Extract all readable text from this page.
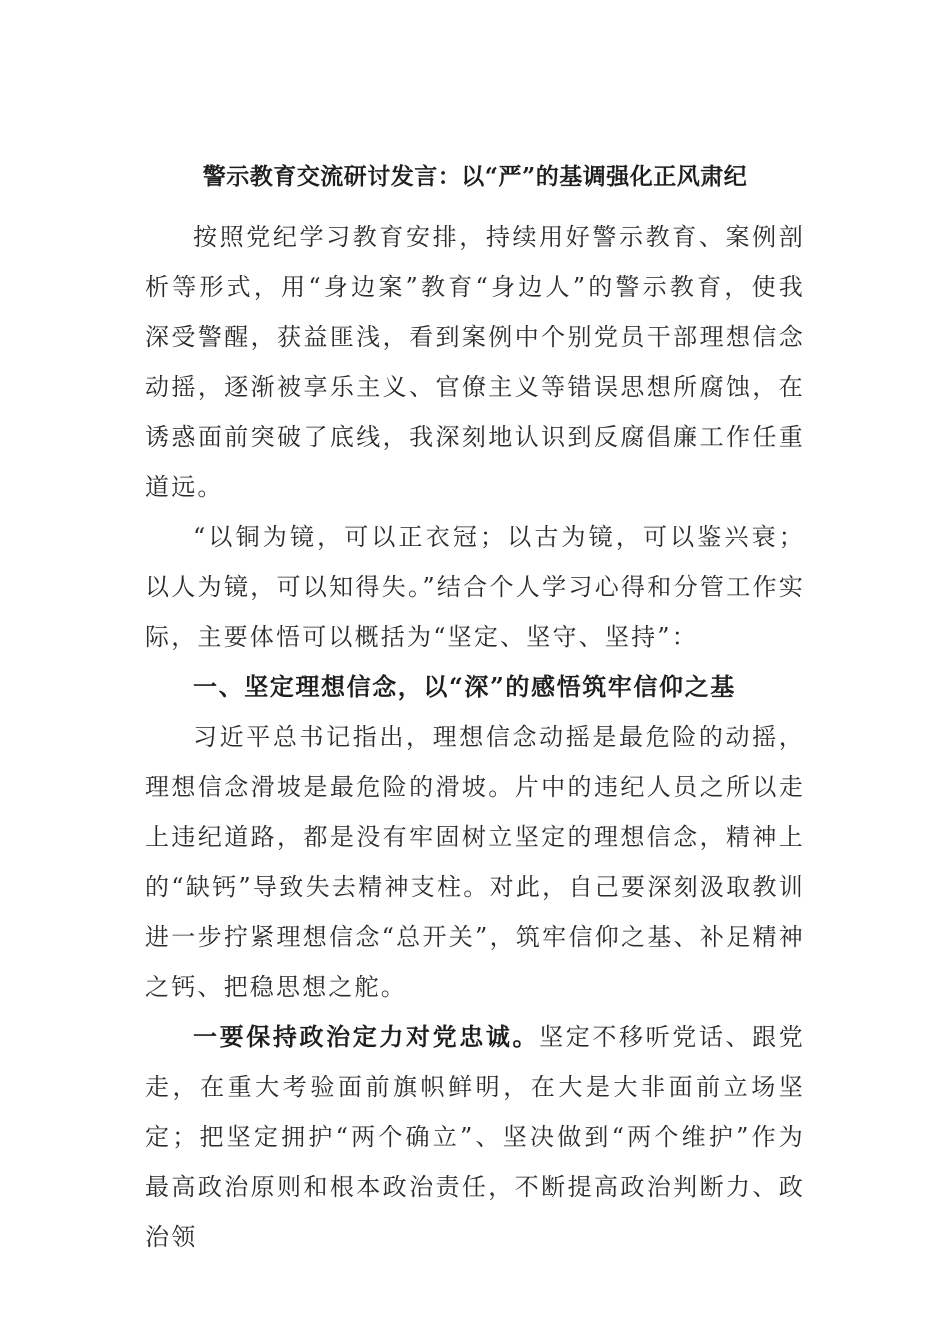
警示教育交流研讨发言：以“严”的基调强化正风肃纪

按照党纪学习教育安排，持续用好警示教育、案例剖析等形式，用“身边案”教育“身边人”的警示教育，使我深受警醒，获益匪浅，看到案例中个别党员干部理想信念动摇，逐渐被享乐主义、官僚主义等错误思想所腐蚀，在诱惑面前突破了底线，我深刻地认识到反腐倡廉工作任重道远。

“以铜为镜，可以正衣冠；以古为镜，可以鉴兴衰；以人为镜，可以知得失。”结合个人学习心得和分管工作实际，主要体悟可以概括为“坚定、坚守、坚持”：

一、坚定理想信念，以“深”的感悟筑牢信仰之基

习近平总书记指出，理想信念动摇是最危险的动摇，理想信念滑坡是最危险的滑坡。片中的违纪人员之所以走上违纪道路，都是没有牢固树立坚定的理想信念，精神上的“缺钙”导致失去精神支柱。对此，自己要深刻汲取教训进一步拧紧理想信念“总开关”，筑牢信仰之基、补足精神之钙、把稳思想之舵。

一要保持政治定力对党忠诚。坚定不移听党话、跟党走，在重大考验面前旗帜鲜明，在大是大非面前立场坚定；把坚定拥护“两个确立”、坚决做到“两个维护”作为最高政治原则和根本政治责任，不断提高政治判断力、政治领
